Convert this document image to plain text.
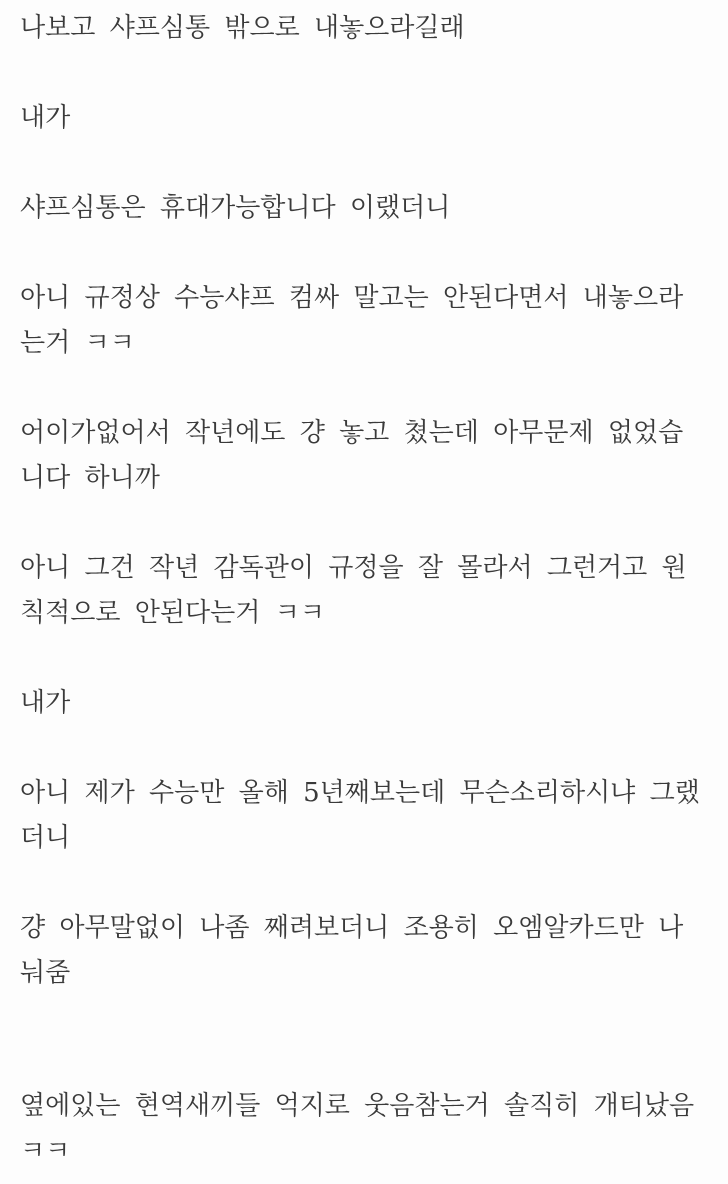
나보고 샤프심통 밖으로 내놓으라길래

내가

샤프심통은 휴대가능합니다 이랬더니

아니 규정상 수능샤프 컴싸 말고는 안된다면서 내놓으라는거 ㅋㅋ

어이가없어서 작년에도 걍 놓고 쳤는데 아무문제 없었습니다 하니까

아니 그건 작년 감독관이 규정을 잘 몰라서 그런거고 원칙적으로 안된다는거 ㅋㅋ

내가

아니 제가 수능만 올해 5년째보는데 무슨소리하시냐 그랬더니

걍 아무말없이 나좀 째려보더니 조용히 오엠알카드만 나눠줌

옆에있는 현역새끼들 억지로 웃음참는거 솔직히 개티났음 ㅋㅋ
